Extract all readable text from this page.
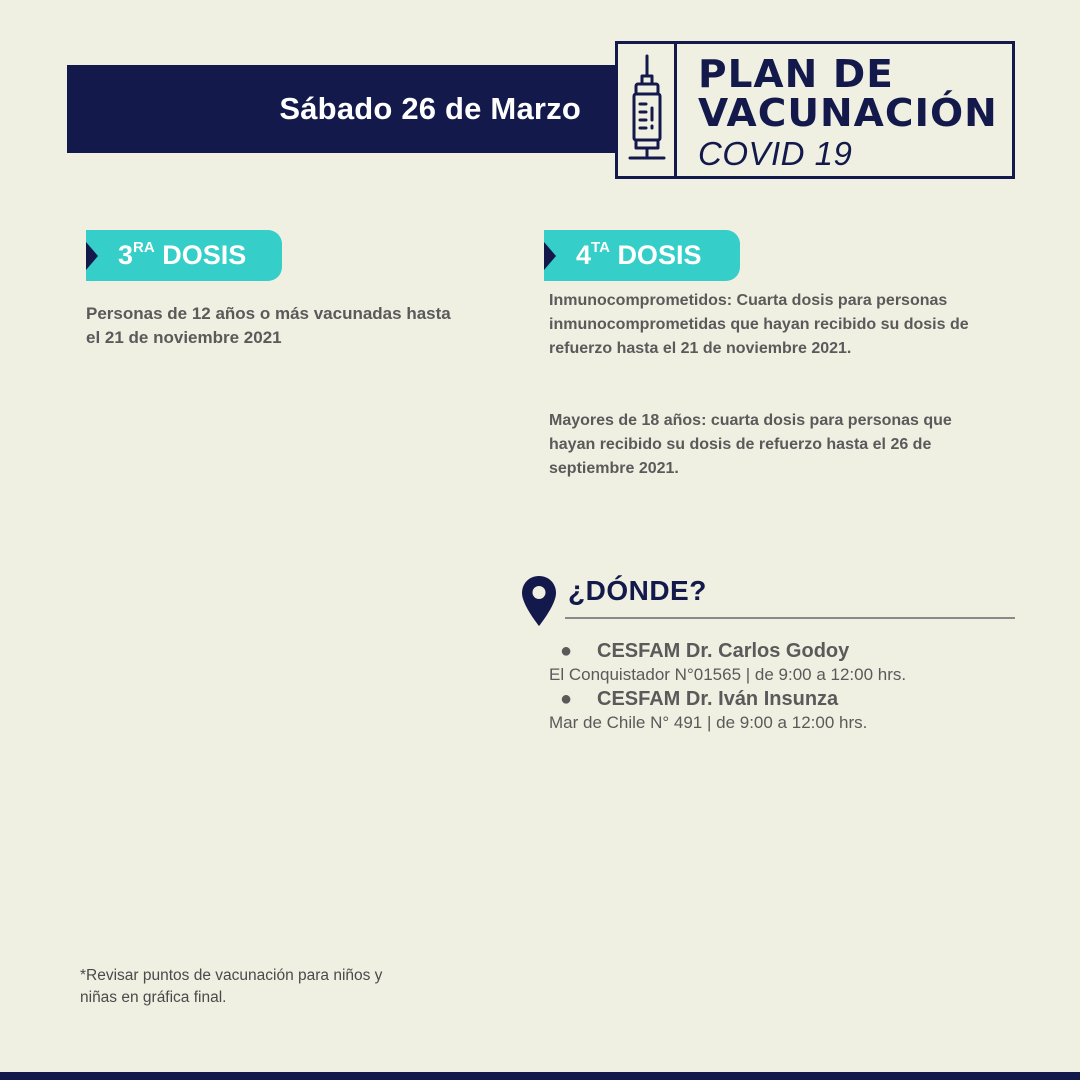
Sábado 26 de Marzo
PLAN DE
VACUNACIÓN
COVID 19
$3^{RA}$
DOSIS
Personas de 12 años o más vacunadas hasta el 21 de noviembre 2021
$4^{TA}$
DOSIS
Inmunocomprometidos: Cuarta dosis para personas inmunocomprometidas que hayan recibido su dosis de refuerzo hasta el 21 de noviembre 2021.
Mayores de 18 años: cuarta dosis para personas que hayan recibido su dosis de refuerzo hasta el 26 de septiembre 2021.
¿DÓNDE?
● CESFAM Dr. Carlos Godoy
El Conquistador N°01565 | de 9:00 a 12:00 hrs.
● CESFAM Dr. Iván Insunza
Mar de Chile N° 491 | de 9:00 a 12:00 hrs.
*Revisar puntos de vacunación para niños y niñas en gráfica final.
